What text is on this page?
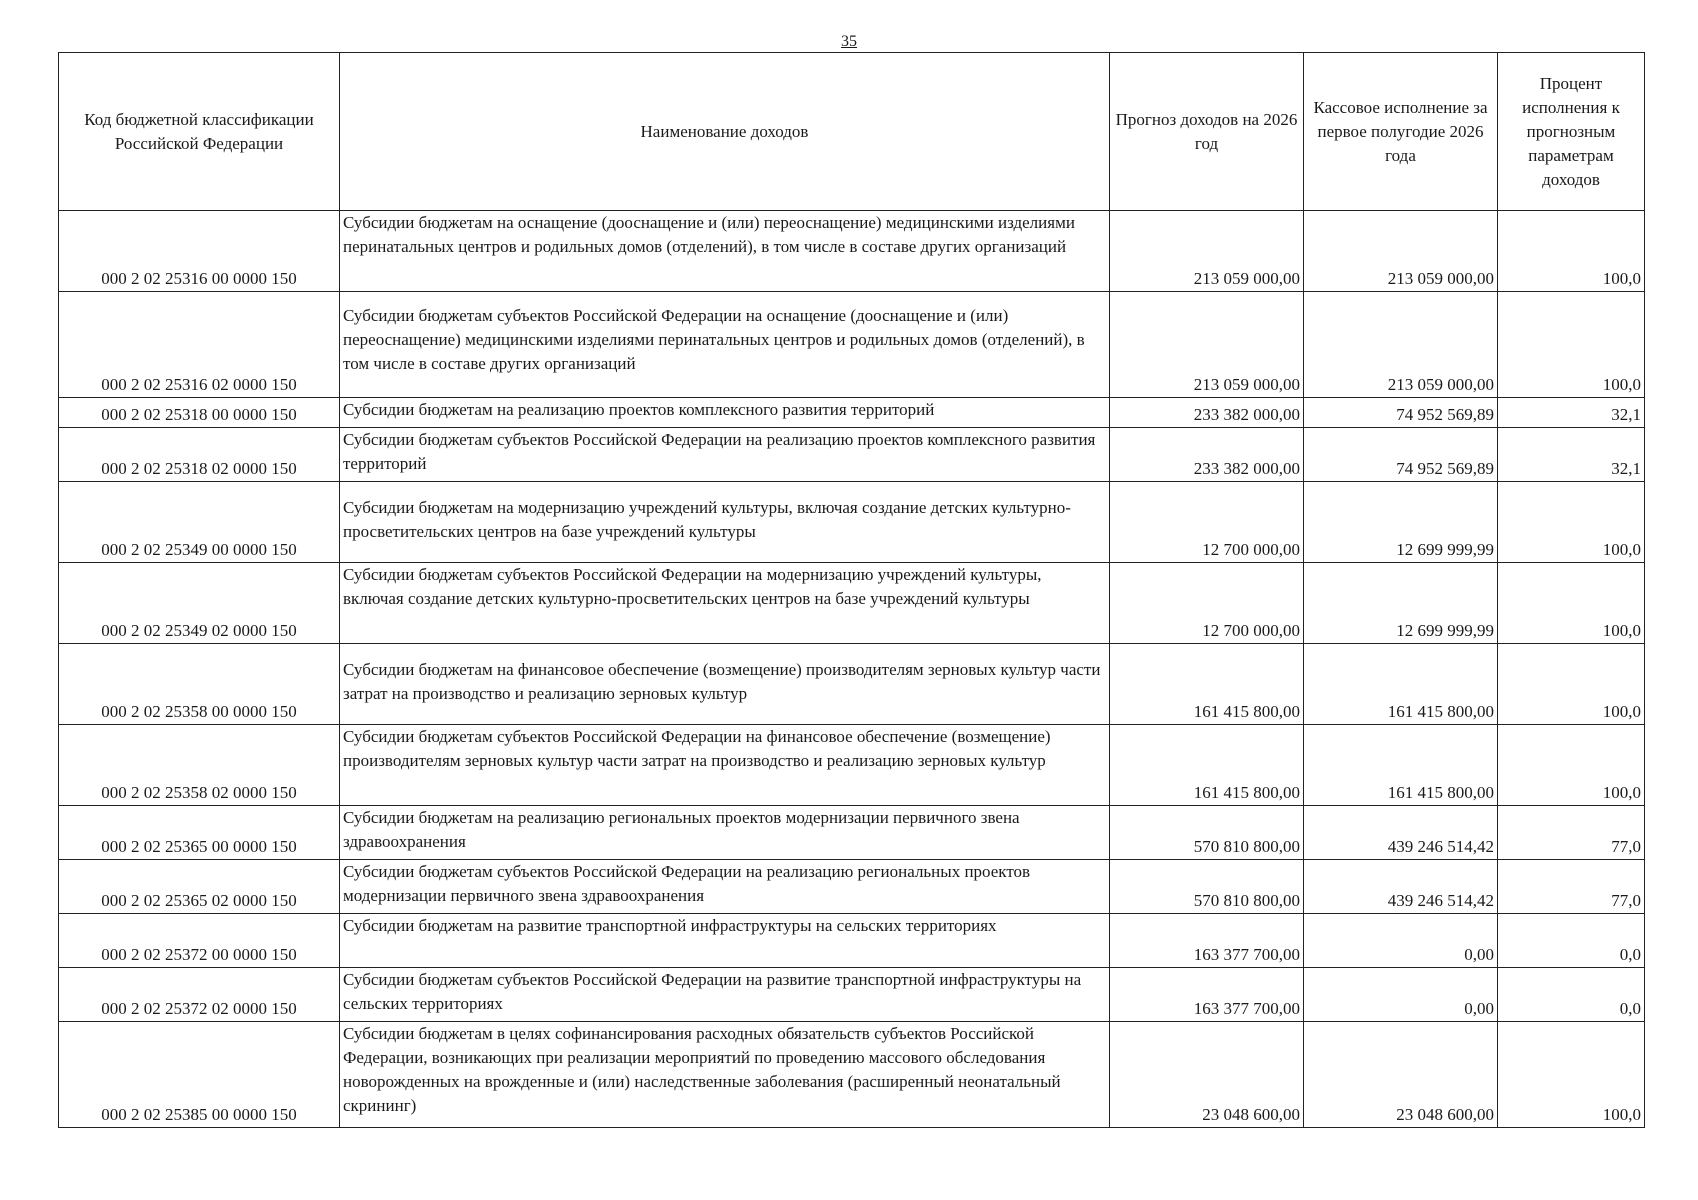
35
Код бюджетной классификации Российской Федерации	Наименование доходов	Прогноз доходов на 2026 год	Кассовое исполнение за первое полугодие 2026 года	Процент исполнения к прогнозным параметрам доходов
000 2 02 25316 00 0000 150	Субсидии бюджетам на оснащение (дооснащение и (или) переоснащение) медицинскими изделиями перинатальных центров и родильных домов (отделений), в том числе в составе других организаций	213 059 000,00	213 059 000,00	100,0
000 2 02 25316 02 0000 150	Субсидии бюджетам субъектов Российской Федерации на оснащение (дооснащение и (или) переоснащение) медицинскими изделиями перинатальных центров и родильных домов (отделений), в том числе в составе других организаций	213 059 000,00	213 059 000,00	100,0
000 2 02 25318 00 0000 150	Субсидии бюджетам на реализацию проектов комплексного развития территорий	233 382 000,00	74 952 569,89	32,1
000 2 02 25318 02 0000 150	Субсидии бюджетам субъектов Российской Федерации на реализацию проектов комплексного развития территорий	233 382 000,00	74 952 569,89	32,1
000 2 02 25349 00 0000 150	Субсидии бюджетам на модернизацию учреждений культуры, включая создание детских культурно-просветительских центров на базе учреждений культуры	12 700 000,00	12 699 999,99	100,0
000 2 02 25349 02 0000 150	Субсидии бюджетам субъектов Российской Федерации на модернизацию учреждений культуры, включая создание детских культурно-просветительских центров на базе учреждений культуры	12 700 000,00	12 699 999,99	100,0
000 2 02 25358 00 0000 150	Субсидии бюджетам на финансовое обеспечение (возмещение) производителям зерновых культур части затрат на производство и реализацию зерновых культур	161 415 800,00	161 415 800,00	100,0
000 2 02 25358 02 0000 150	Субсидии бюджетам субъектов Российской Федерации на финансовое обеспечение (возмещение) производителям зерновых культур части затрат на производство и реализацию зерновых культур	161 415 800,00	161 415 800,00	100,0
000 2 02 25365 00 0000 150	Субсидии бюджетам на реализацию региональных проектов модернизации первичного звена здравоохранения	570 810 800,00	439 246 514,42	77,0
000 2 02 25365 02 0000 150	Субсидии бюджетам субъектов Российской Федерации на реализацию региональных проектов модернизации первичного звена здравоохранения	570 810 800,00	439 246 514,42	77,0
000 2 02 25372 00 0000 150	Субсидии бюджетам на развитие транспортной инфраструктуры на сельских территориях	163 377 700,00	0,00	0,0
000 2 02 25372 02 0000 150	Субсидии бюджетам субъектов Российской Федерации на развитие транспортной инфраструктуры на сельских территориях	163 377 700,00	0,00	0,0
000 2 02 25385 00 0000 150	Субсидии бюджетам в целях софинансирования расходных обязательств субъектов Российской Федерации, возникающих при реализации мероприятий по проведению массового обследования новорожденных на врожденные и (или) наследственные заболевания (расширенный неонатальный скрининг)	23 048 600,00	23 048 600,00	100,0
